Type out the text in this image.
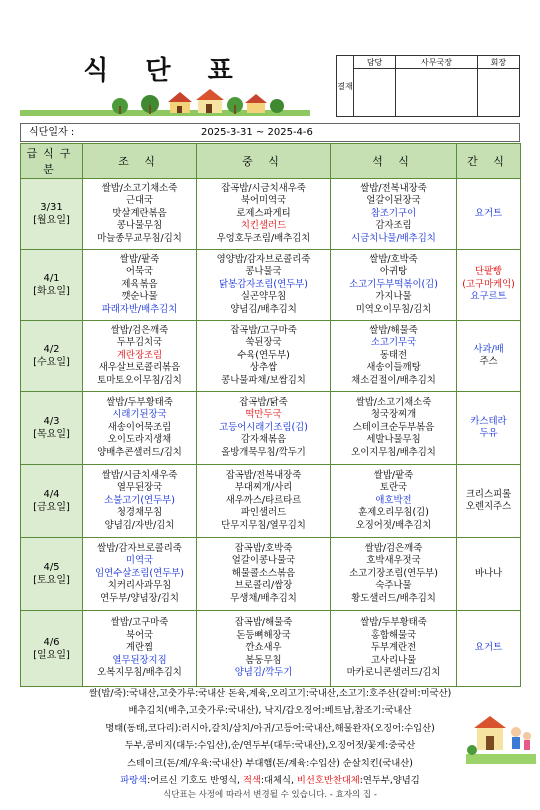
식 단 표	결재	담당	사무국장	회장

식단일자 :	2025-3-31 ~ 2025-4-6
급식구분	조 식	중 식	석 식	간 식

3/31
[월요일]	쌀밥/소고기채소죽
근대국
맛살계란볶음
콩나물무침
마늘종무교무침/김치	잡곡밥/시금치새우죽
북어미역국
로제스파게티
치킨샐러드
우엉호두조림/배추김치	쌀밥/전복내장죽
얼갈이된장국
참조기구이
감자조림
시금치나물/배추김치	요거트

4/1
[화요일]	쌀밥/팥죽
어묵국
제육볶음
깻순나물
파래자반/배추김치	영양밥/감자브로콜리죽
콩나물국
닭봉감자조림(연두부)
실곤약무침
양념김/배추김치	쌀밥/호박죽
아귀탕
소고기두부떡볶이(김)
가지나물
미역오이무침/김치	단팥빵
(고구마케익)
요구르트

4/2
[수요일]	쌀밥/검은깨죽
두부김치국
계란장조림
새우살브로콜리볶음
토마토오이무침/김치	잡곡밥/고구마죽
쑥된장국
수육(연두부)
상추쌈
콩나물파채/보쌈김치	쌀밥/해물죽
소고기무국
동태전
새송이들깨탕
채소겉절이/배추김치	사과/배
주스

4/3
[목요일]	쌀밥/두부황태죽
시래기된장국
새송이어묵조림
오이도라지생채
양배추콘샐러드/김치	잡곡밥/닭죽
떡만두국
고등어시래기조림(김)
감자채볶음
올방개묵무침/깍두기	쌀밥/소고기채소죽
청국장찌개
스테이크순두부볶음
세발나물무침
오이지무침/배추김치	카스테라
두유

4/4
[금요일]	쌀밥/시금치새우죽
열무된장국
소불고기(연두부)
청경채무침
양념김/자반/김치	잡곡밥/전복내장죽
부대찌개/사리
새우까스/타르타르
파인샐러드
단무지무침/열무김치	쌀밥/팥죽
토란국
애호박전
훈제오리무침(김)
오징어젓/배추김치	크리스피롤
오렌지주스

4/5
[토요일]	쌀밥/감자브로콜리죽
미역국
임연수살조림(연두부)
치커리사과무침
연두부/양념장/김치	잡곡밥/호박죽
얼갈이콩나물국
해물콜소스볶음
브로콜리/쌈장
무생채/배추김치	쌀밥/검은깨죽
호박새우젓국
소고기장조림(연두부)
숙주나물
황도샐러드/배추김치	바나나

4/6
[일요일]	쌀밥/고구마죽
북어국
계란찜
열무된장지짐
오복지무침/배추김치	잡곡밥/해물죽
돈등뼈해장국
깐쇼새우
봄동무침
양념김/깍두기	쌀밥/두부황태죽
홍합해물국
두부계란전
고사리나물
마카로니콘샐러드/김치	요거트
쌀(밥/죽):국내산,고춧가루:국내산 돈육,계육,오리고기:국내산,소고기:호주산(갈비:미국산)
배추김치(배추,고춧가루:국내산), 낙지/갑오징어:베트남,참조기:국내산
명태(동태,코다리):러시아,갈치/삼치/아귀/고등어:국내산,해물완자(오징어:수입산)
두부,콩비지(대두:수입산),순/연두부(대두:국내산),오징어젓/꽃게:중국산
스테이크(돈/계/우육:국내산) 부대햄(돈/계육:수입산) 순살치킨(국내산)
파랑색:어르신 기호도 반영식, 적색:대체식, 비선호반찬대체:연두부,양념김
식단표는 사정에 따라서 변경될 수 있습니다. - 효자의 집 -
